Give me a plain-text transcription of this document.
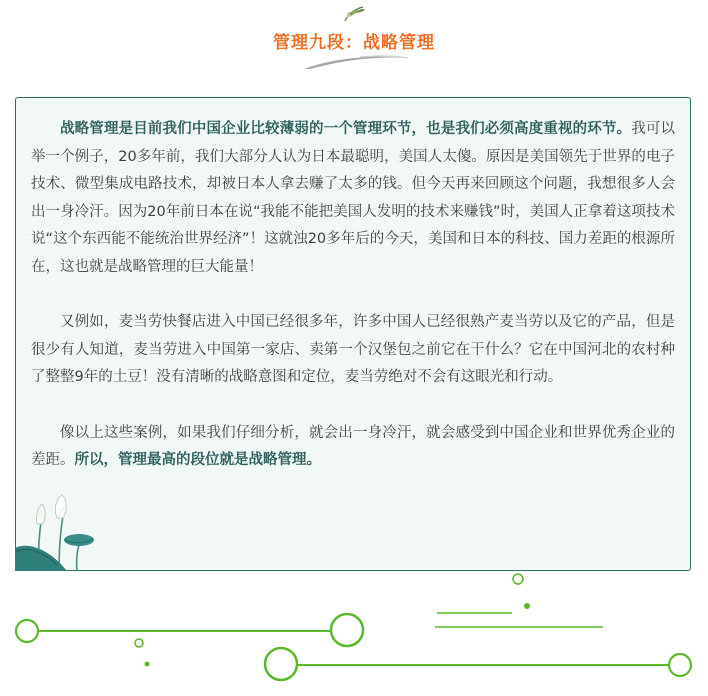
管理九段：战略管理

战略管理是目前我们中国企业比较薄弱的一个管理环节，也是我们必须高度重视的环节。我可以举一个例子，20多年前，我们大部分人认为日本最聪明，美国人太傻。原因是美国领先于世界的电子技术、微型集成电路技术，却被日本人拿去赚了太多的钱。但今天再来回顾这个问题，我想很多人会出一身冷汗。因为20年前日本在说“我能不能把美国人发明的技术来赚钱”时，美国人正拿着这项技术说“这个东西能不能统治世界经济”！这就浊20多年后的今天，美国和日本的科技、国力差距的根源所在，这也就是战略管理的巨大能量！

又例如，麦当劳快餐店进入中国已经很多年，许多中国人已经很熟产麦当劳以及它的产品，但是很少有人知道，麦当劳进入中国第一家店、卖第一个汉堡包之前它在干什么？它在中国河北的农村种了整整9年的土豆！没有清晰的战略意图和定位，麦当劳绝对不会有这眼光和行动。

像以上这些案例，如果我们仔细分析，就会出一身冷汗，就会感受到中国企业和世界优秀企业的差距。所以，管理最高的段位就是战略管理。
